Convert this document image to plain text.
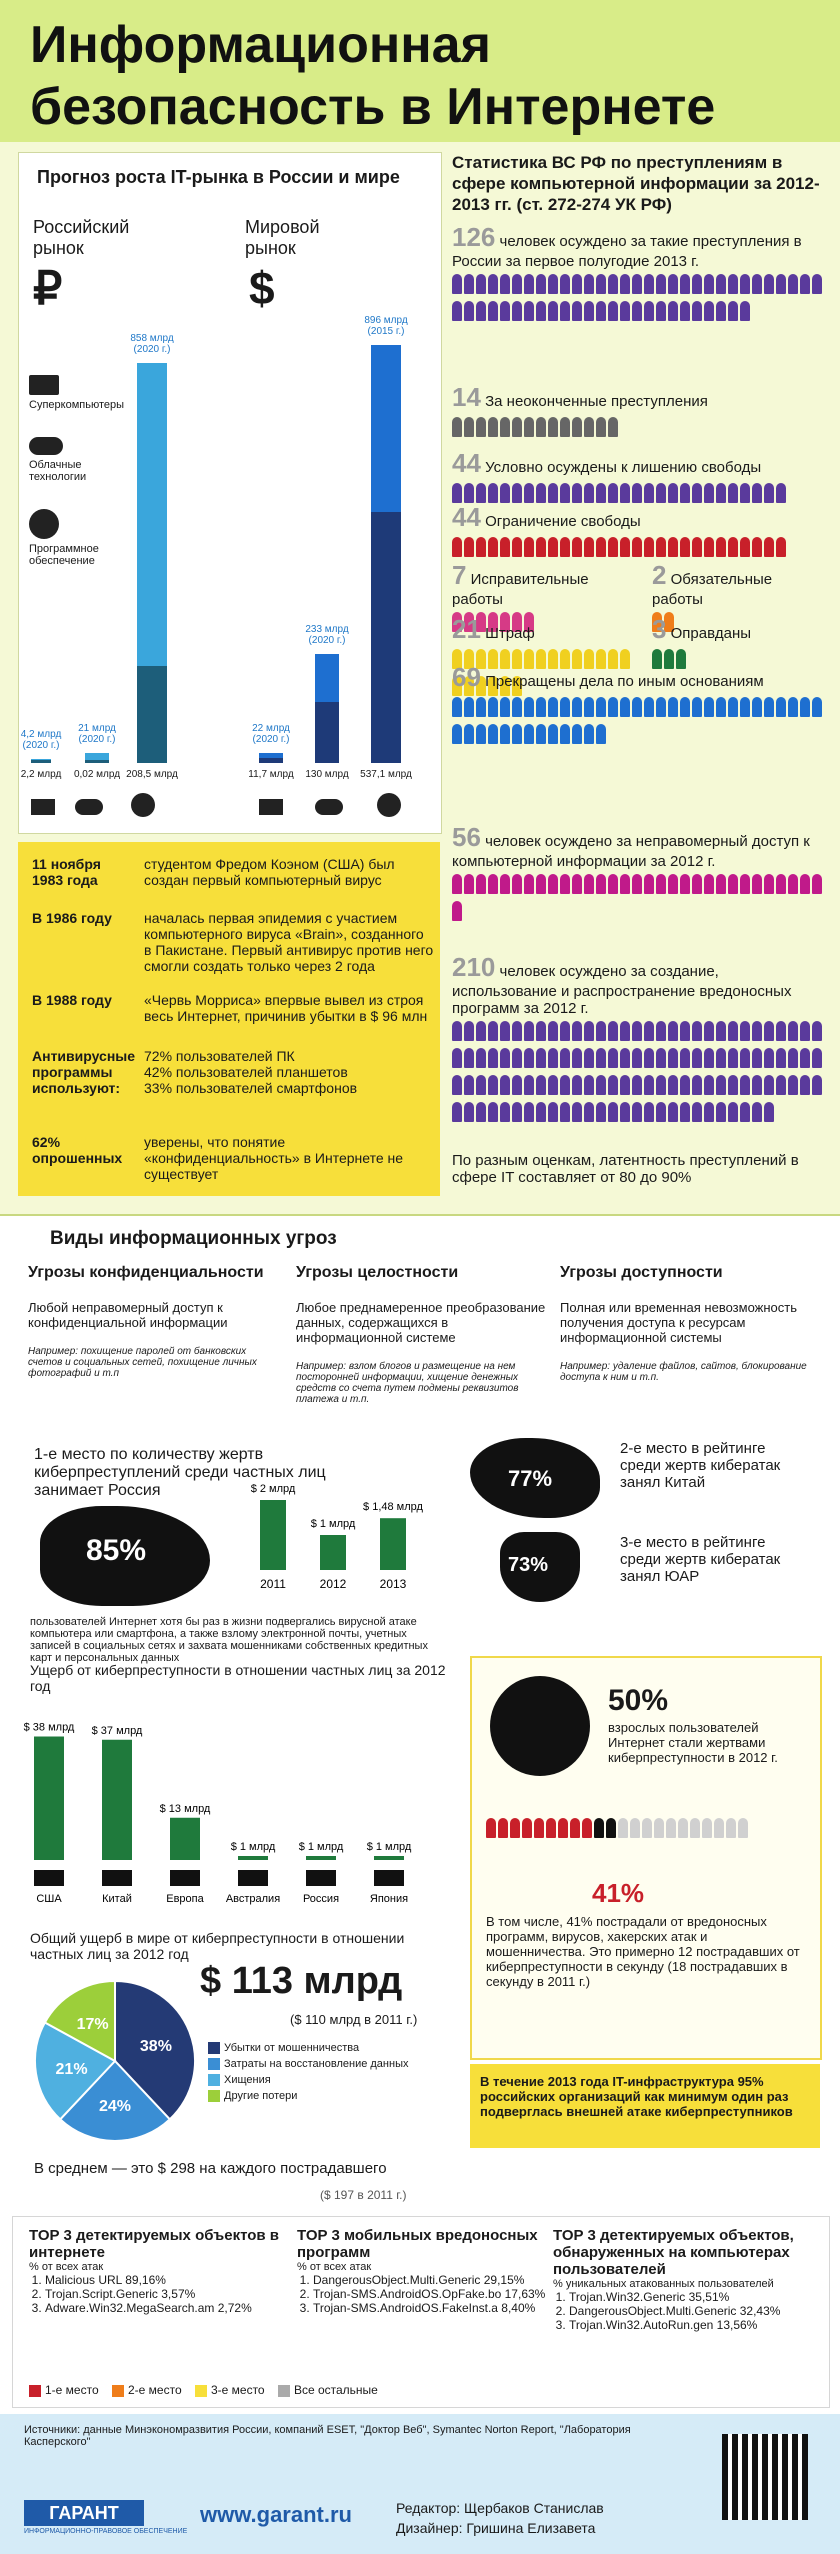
Информационная безопасность в Интернете
Прогноз роста IT-рынка в России и мире
Российский рынок
₽
Мировой рынок
$
Суперкомпьютеры
Облачные технологии
Программное обеспечение
4,2 млрд (2020 г.)
2,2 млрд
21 млрд (2020 г.)
0,02 млрд
858 млрд (2020 г.)
208,5 млрд
22 млрд (2020 г.)
11,7 млрд
233 млрд (2020 г.)
130 млрд
896 млрд (2015 г.)
537,1 млрд
11 ноября 1983 года
студентом Фредом Коэном (США) был создан первый компьютерный вирус
В 1986 году	началась первая эпидемия с участием компьютерного вируса «Brain», созданного в Пакистане. Первый антивирус против него смогли создать только через 2 года
В 1988 году	«Червь Морриса» впервые вывел из строя весь Интернет, причинив убытки в $ 96 млн
Антивирусные программы используют:
72% пользователей ПК
42% пользователей планшетов
33% пользователей смартфонов
62% опрошенных
уверены, что понятие «конфиденциальность» в Интернете не существует
Статистика ВС РФ по преступлениям в сфере компьютерной информации за 2012-2013 гг. (ст. 272-274 УК РФ)
126 человек осуждено за такие преступления в России за первое полугодие 2013 г.
14 За неоконченные преступления
44 Условно осуждены к лишению свободы
44 Ограничение свободы
7 Исправительные работы
2 Обязательные работы
21 Штраф	3 Оправданы
69 Прекращены дела по иным основаниям
56 человек осуждено за неправомерный доступ к компьютерной информации за 2012 г.
210 человек осуждено за создание, использование и распространение вредоносных программ за 2012 г.
По разным оценкам, латентность преступлений в сфере IT составляет от 80 до 90%
Виды информационных угроз
Угрозы конфиденциальности
Любой неправомерный доступ к конфиденциальной информации
Например: похищение паролей от банковских счетов и социальных сетей, похищение личных фотографий и т.п
Угрозы целостности
Любое преднамеренное преобразование данных, содержащихся в информационной системе
Например: взлом блогов и размещение на нем посторонней информации, хищение денежных средств со счета путем подмены реквизитов платежа и т.п.
Угрозы доступности
Полная или временная невозможность получения доступа к ресурсам информационной системы
Например: удаление файлов, сайтов, блокирование доступа к ним и т.п.
1-е место по количеству жертв киберпреступлений среди частных лиц занимает Россия
85%
пользователей Интернет хотя бы раз в жизни подвергались вирусной атаке компьютера или смартфона, а также взлому электронной почты, учетных записей в социальных сетях и захвата мошенниками собственных кредитных карт и персональных данных
$ 2 млрд
2011
$ 1 млрд
2012
$ 1,48 млрд
2013
77%
2-е место в рейтинге среди жертв кибератак занял Китай
73%
3-е место в рейтинге среди жертв кибератак занял ЮАР
Ущерб от киберпреступности в отношении частных лиц за 2012 год
$ 38 млрд
США
$ 37 млрд
Китай
$ 13 млрд
Европа
$ 1 млрд
Австралия
$ 1 млрд
Россия
$ 1 млрд
Япония
Общий ущерб в мире от киберпреступности в отношении частных лиц за 2012 год
$ 113 млрд
($ 110 млрд в 2011 г.)
38%
24%
21%
17%
Убытки от мошенничества
Затраты на восстановление данных
Хищения
Другие потери
В среднем — это $ 298 на каждого пострадавшего
($ 197 в 2011 г.)
50%
взрослых пользователей Интернет стали жертвами киберпреступности в 2012 г.
41%
В том числе, 41% пострадали от вредоносных программ, вирусов, хакерских атак и мошенничества. Это примерно 12 пострадавших от киберпреступности в секунду (18 пострадавших в секунду в 2011 г.)
В течение 2013 года IT-инфраструктура 95% российских организаций как минимум один раз подверглась внешней атаке киберпреступников
TOP 3 детектируемых объектов в интернете
% от всех атак
1. Malicious URL 89,16%
2. Trojan.Script.Generic 3,57%
3. Adware.Win32.MegaSearch.am 2,72%
TOP 3 мобильных вредоносных программ
% от всех атак
1. DangerousObject.Multi.Generic 29,15%
2. Trojan-SMS.AndroidOS.OpFake.bo 17,63%
3. Trojan-SMS.AndroidOS.FakeInst.a 8,40%
TOP 3 детектируемых объектов, обнаруженных на компьютерах пользователей
% уникальных атакованных пользователей
1. Trojan.Win32.Generic 35,51%
2. DangerousObject.Multi.Generic 32,43%
3. Trojan.Win32.AutoRun.gen 13,56%
1-е место 2-е место 3-е место Все остальные
Источники: данные Минэкономразвития России, компаний ESET, "Доктор Веб", Symantec Norton Report, "Лаборатория Касперского"
ГАРАНТ
ИНФОРМАЦИОННО-ПРАВОВОЕ ОБЕСПЕЧЕНИЕ
www.garant.ru	Редактор: Щербаков Станислав
Дизайнер: Гришина Елизавета
